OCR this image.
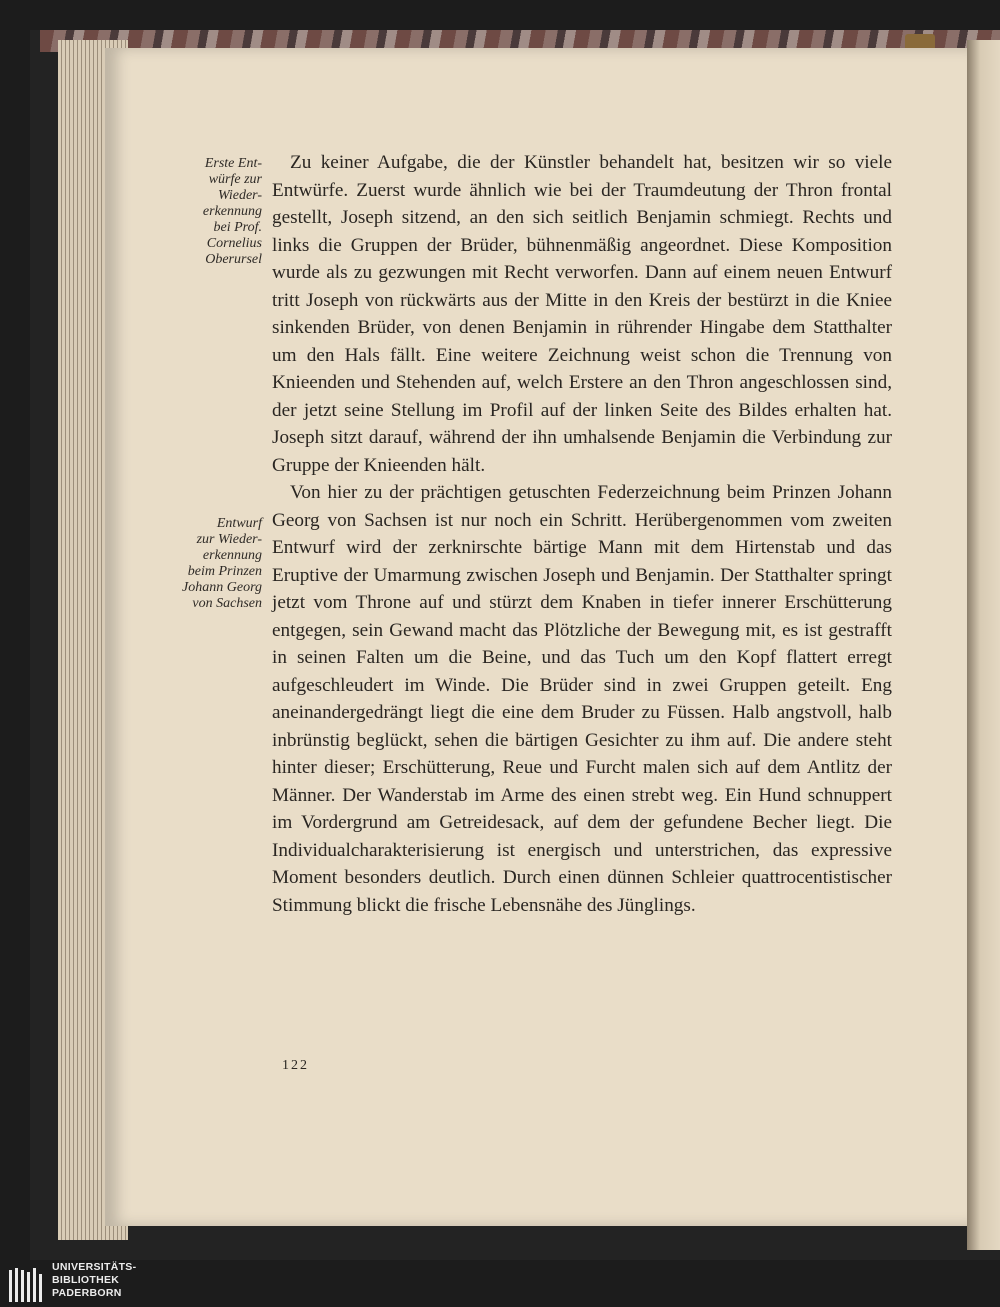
Erste Ent-
würfe zur
Wieder-
erkennung
bei Prof.
Cornelius
Oberursel

Entwurf
zur Wieder-
erkennung
beim Prinzen
Johann Georg
von Sachsen

Zu keiner Aufgabe, die der Künstler behandelt hat, besitzen wir so viele Entwürfe. Zuerst wurde ähnlich wie bei der Traumdeutung der Thron frontal gestellt, Joseph sitzend, an den sich seitlich Benjamin schmiegt. Rechts und links die Gruppen der Brüder, bühnenmäßig angeordnet. Diese Komposition wurde als zu gezwungen mit Recht verworfen. Dann auf einem neuen Entwurf tritt Joseph von rückwärts aus der Mitte in den Kreis der bestürzt in die Kniee sinkenden Brüder, von denen Benjamin in rührender Hingabe dem Statthalter um den Hals fällt. Eine weitere Zeichnung weist schon die Trennung von Knieenden und Stehenden auf, welch Erstere an den Thron angeschlossen sind, der jetzt seine Stellung im Profil auf der linken Seite des Bildes erhalten hat. Joseph sitzt darauf, während der ihn umhalsende Benjamin die Verbindung zur Gruppe der Knieenden hält.

Von hier zu der prächtigen getuschten Federzeichnung beim Prinzen Johann Georg von Sachsen ist nur noch ein Schritt. Herübergenommen vom zweiten Entwurf wird der zerknirschte bärtige Mann mit dem Hirtenstab und das Eruptive der Umarmung zwischen Joseph und Benjamin. Der Statthalter springt jetzt vom Throne auf und stürzt dem Knaben in tiefer innerer Erschütterung entgegen, sein Gewand macht das Plötzliche der Bewegung mit, es ist gestrafft in seinen Falten um die Beine, und das Tuch um den Kopf flattert erregt aufgeschleudert im Winde. Die Brüder sind in zwei Gruppen geteilt. Eng aneinandergedrängt liegt die eine dem Bruder zu Füssen. Halb angstvoll, halb inbrünstig beglückt, sehen die bärtigen Gesichter zu ihm auf. Die andere steht hinter dieser; Erschütterung, Reue und Furcht malen sich auf dem Antlitz der Männer. Der Wanderstab im Arme des einen strebt weg. Ein Hund schnuppert im Vordergrund am Getreidesack, auf dem der gefundene Becher liegt. Die Individualcharakterisierung ist energisch und unterstrichen, das expressive Moment besonders deutlich. Durch einen dünnen Schleier quattrocentistischer Stimmung blickt die frische Lebensnähe des Jünglings.

122
UNIVERSITÄTS-
BIBLIOTHEK
PADERBORN
